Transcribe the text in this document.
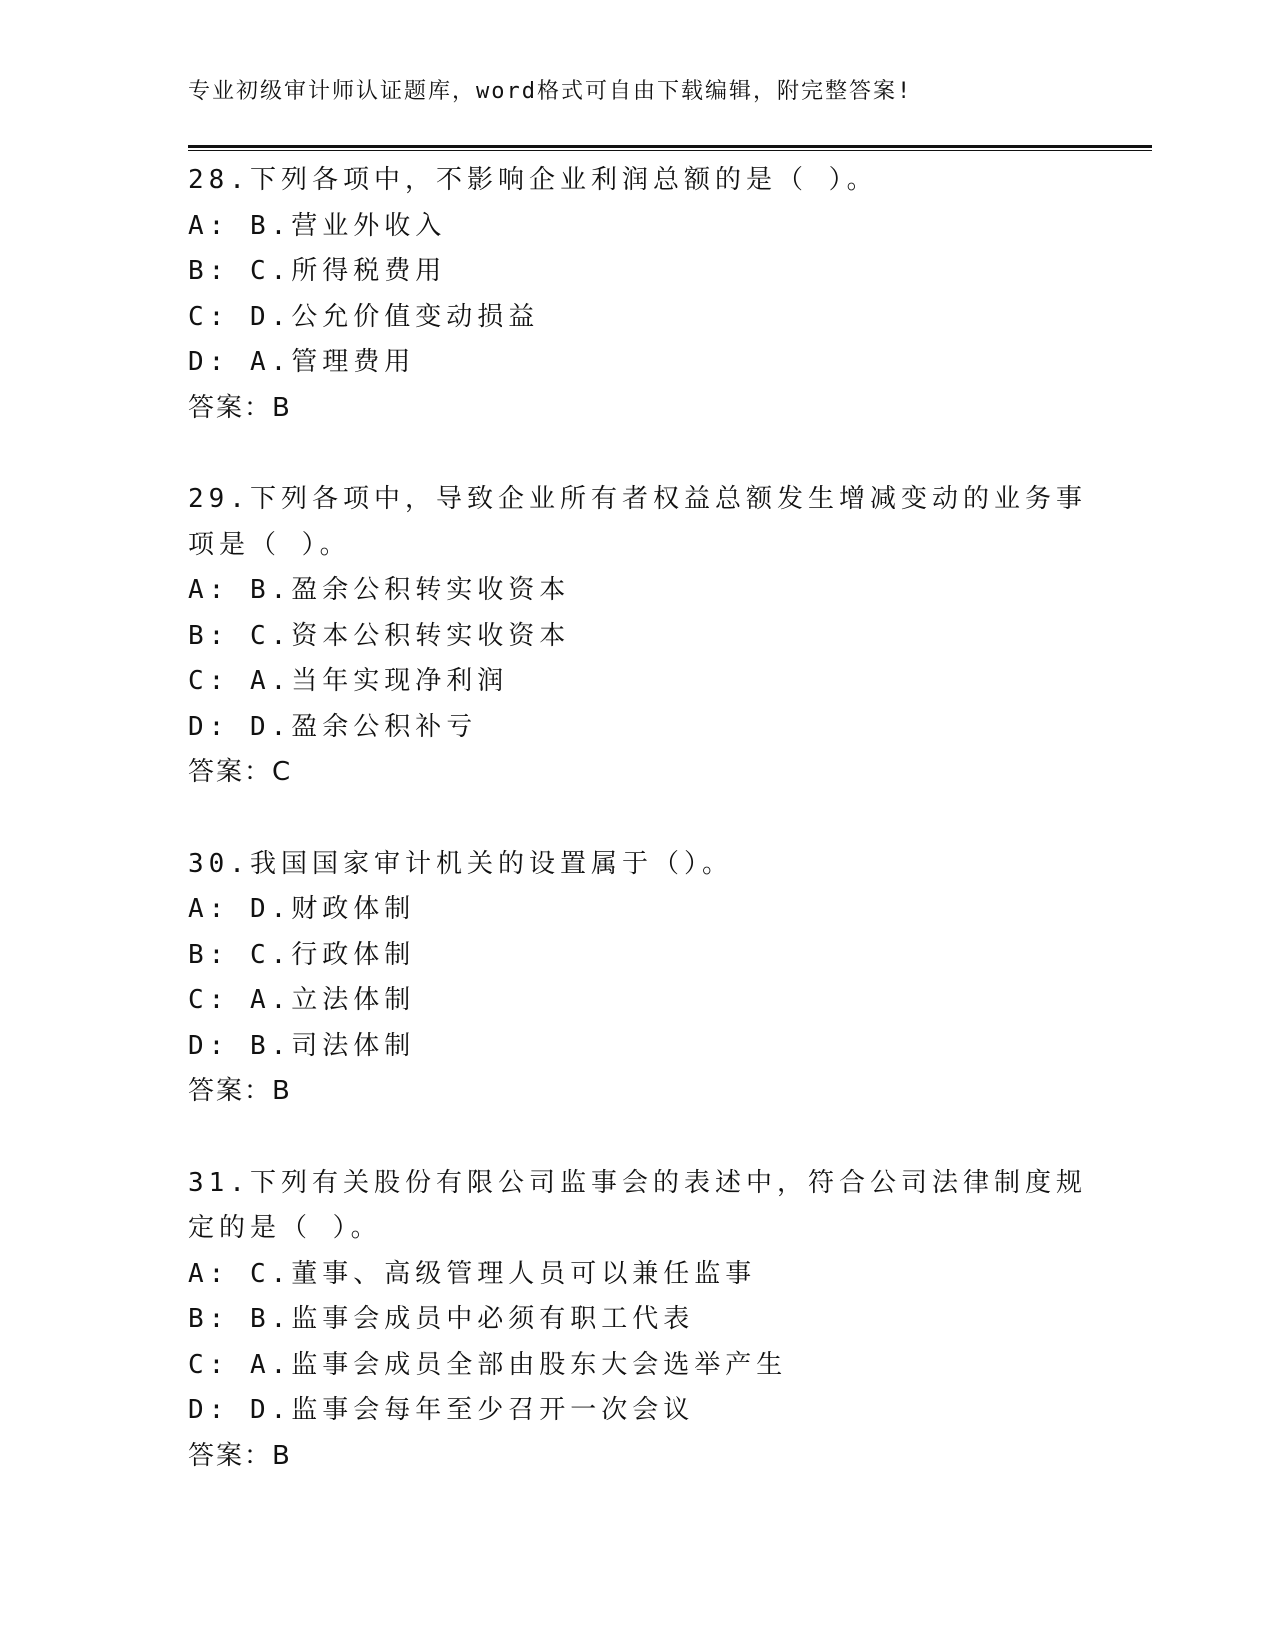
专业初级审计师认证题库，word格式可自由下载编辑，附完整答案!
28.下列各项中，不影响企业利润总额的是（ ）。
A: B.营业外收入
B: C.所得税费用
C: D.公允价值变动损益
D: A.管理费用
答案：B
29.下列各项中，导致企业所有者权益总额发生增减变动的业务事项是（ ）。
A: B.盈余公积转实收资本
B: C.资本公积转实收资本
C: A.当年实现净利润
D: D.盈余公积补亏
答案：C
30.我国国家审计机关的设置属于（）。
A: D.财政体制
B: C.行政体制
C: A.立法体制
D: B.司法体制
答案：B
31.下列有关股份有限公司监事会的表述中，符合公司法律制度规定的是（ ）。
A: C.董事、高级管理人员可以兼任监事
B: B.监事会成员中必须有职工代表
C: A.监事会成员全部由股东大会选举产生
D: D.监事会每年至少召开一次会议
答案：B
